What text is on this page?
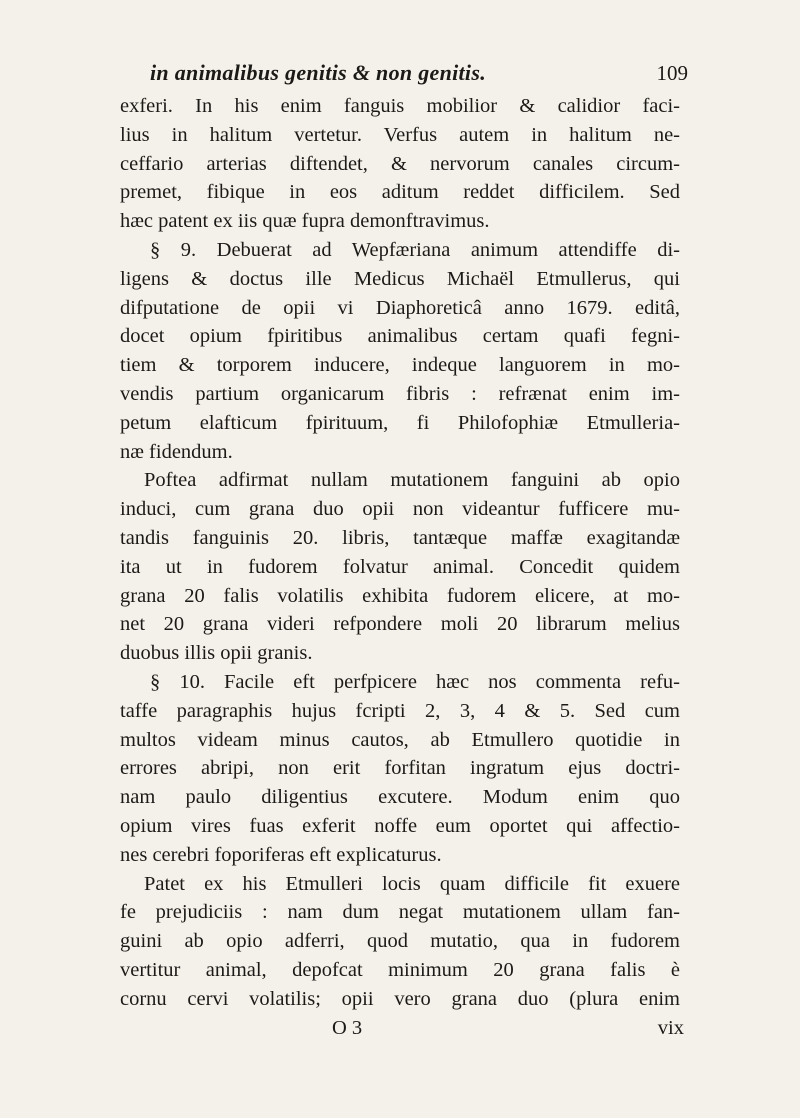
in animalibus genitis & non genitis.	109
exferi. In his enim fanguis mobilior & calidior faci-
lius in halitum vertetur. Verfus autem in halitum ne-
ceffario arterias diftendet, & nervorum canales circum-
premet, fibique in eos aditum reddet difficilem. Sed
hæc patent ex iis quæ fupra demonftravimus.
§ 9. Debuerat ad Wepfæriana animum attendiffe di-
ligens & doctus ille Medicus Michaël Etmullerus, qui
difputatione de opii vi Diaphoreticâ anno 1679. editâ,
docet opium fpiritibus animalibus certam quafi fegni-
tiem & torporem inducere, indeque languorem in mo-
vendis partium organicarum fibris : refrænat enim im-
petum elafticum fpirituum, fi Philofophiæ Etmulleria-
næ fidendum.
Poftea adfirmat nullam mutationem fanguini ab opio
induci, cum grana duo opii non videantur fufficere mu-
tandis fanguinis 20. libris, tantæque maffæ exagitandæ
ita ut in fudorem folvatur animal. Concedit quidem
grana 20 falis volatilis exhibita fudorem elicere, at mo-
net 20 grana videri refpondere moli 20 librarum melius
duobus illis opii granis.
§ 10. Facile eft perfpicere hæc nos commenta refu-
taffe paragraphis hujus fcripti 2, 3, 4 & 5. Sed cum
multos videam minus cautos, ab Etmullero quotidie in
errores abripi, non erit forfitan ingratum ejus doctri-
nam paulo diligentius excutere. Modum enim quo
opium vires fuas exferit noffe eum oportet qui affectio-
nes cerebri foporiferas eft explicaturus.
Patet ex his Etmulleri locis quam difficile fit exuere
fe prejudiciis : nam dum negat mutationem ullam fan-
guini ab opio adferri, quod mutatio, qua in fudorem
vertitur animal, depofcat minimum 20 grana falis è
cornu cervi volatilis; opii vero grana duo (plura enim
O 3	vix
